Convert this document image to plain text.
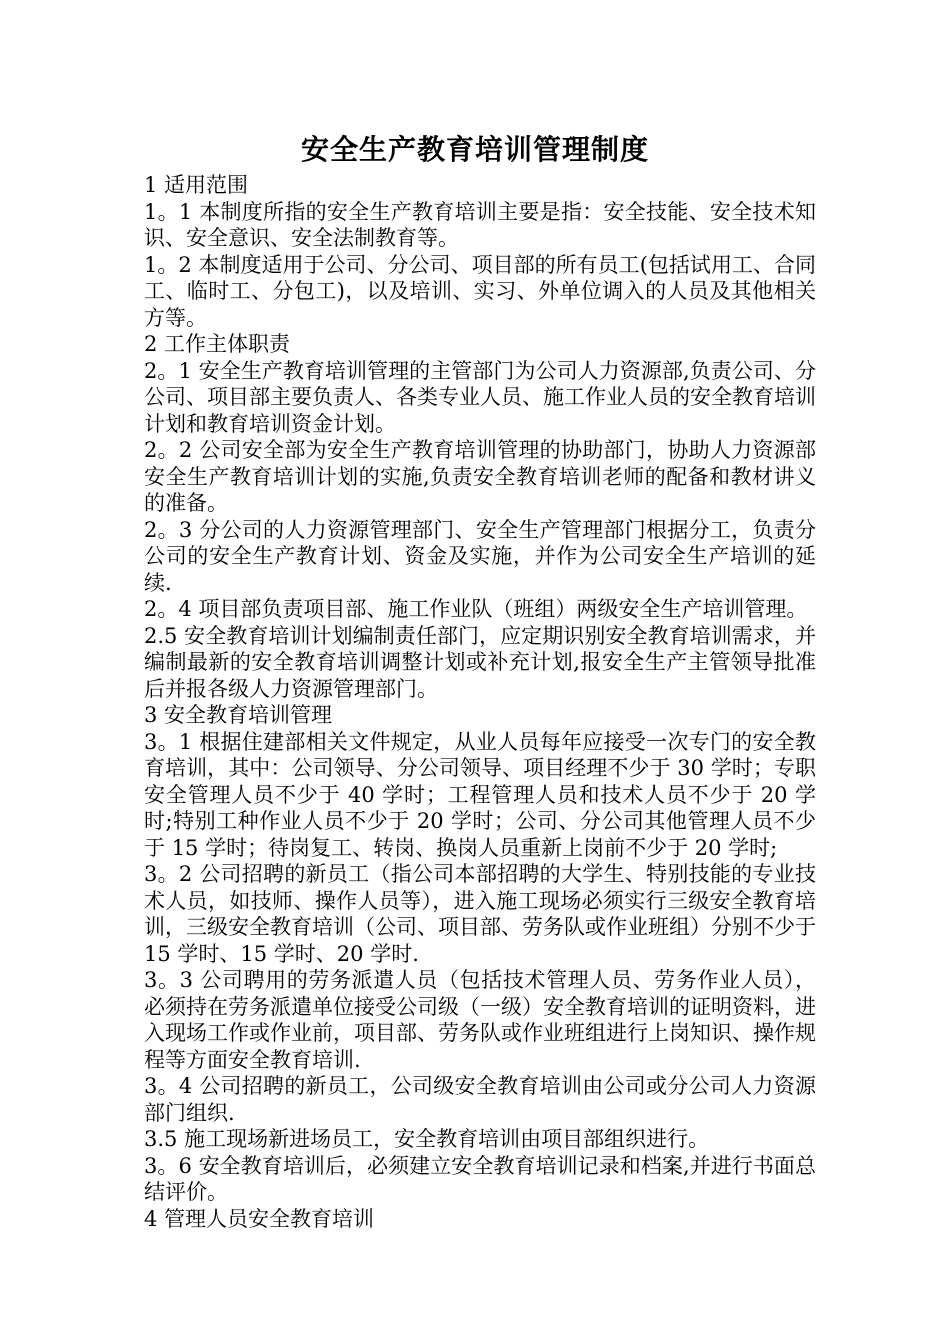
安全生产教育培训管理制度

1 适用范围

1。1 本制度所指的安全生产教育培训主要是指：安全技能、安全技术知识、安全意识、安全法制教育等。

1。2 本制度适用于公司、分公司、项目部的所有员工(包括试用工、合同工、临时工、分包工)，以及培训、实习、外单位调入的人员及其他相关方等。

2 工作主体职责

2。1 安全生产教育培训管理的主管部门为公司人力资源部,负责公司、分公司、项目部主要负责人、各类专业人员、施工作业人员的安全教育培训计划和教育培训资金计划。

2。2 公司安全部为安全生产教育培训管理的协助部门，协助人力资源部安全生产教育培训计划的实施,负责安全教育培训老师的配备和教材讲义的准备。

2。3 分公司的人力资源管理部门、安全生产管理部门根据分工，负责分公司的安全生产教育计划、资金及实施，并作为公司安全生产培训的延续.

2。4 项目部负责项目部、施工作业队（班组）两级安全生产培训管理。

2.5 安全教育培训计划编制责任部门，应定期识别安全教育培训需求，并编制最新的安全教育培训调整计划或补充计划,报安全生产主管领导批准后并报各级人力资源管理部门。

3 安全教育培训管理

3。1 根据住建部相关文件规定，从业人员每年应接受一次专门的安全教育培训，其中：公司领导、分公司领导、项目经理不少于 30 学时；专职安全管理人员不少于 40 学时；工程管理人员和技术人员不少于 20 学时;特别工种作业人员不少于 20 学时；公司、分公司其他管理人员不少于 15 学时；待岗复工、转岗、换岗人员重新上岗前不少于 20 学时;

3。2 公司招聘的新员工（指公司本部招聘的大学生、特别技能的专业技术人员，如技师、操作人员等），进入施工现场必须实行三级安全教育培训，三级安全教育培训（公司、项目部、劳务队或作业班组）分别不少于 15 学时、15 学时、20 学时.

3。3 公司聘用的劳务派遣人员（包括技术管理人员、劳务作业人员），必须持在劳务派遣单位接受公司级（一级）安全教育培训的证明资料，进入现场工作或作业前，项目部、劳务队或作业班组进行上岗知识、操作规程等方面安全教育培训.

3。4 公司招聘的新员工，公司级安全教育培训由公司或分公司人力资源部门组织.

3.5 施工现场新进场员工，安全教育培训由项目部组织进行。

3。6 安全教育培训后，必须建立安全教育培训记录和档案,并进行书面总结评价。

4 管理人员安全教育培训
